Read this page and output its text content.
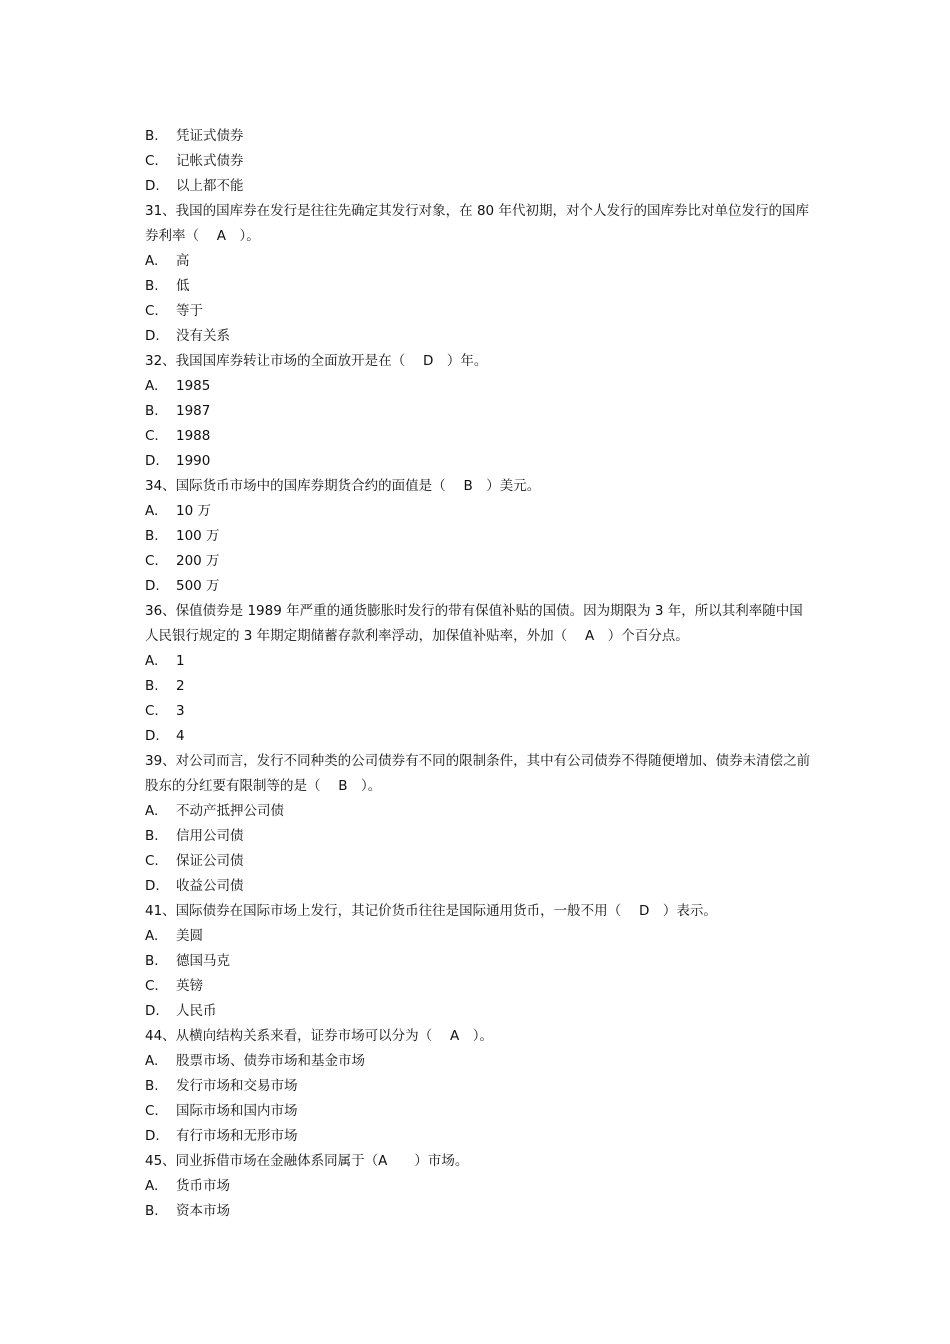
B.	凭证式债券
C.	记帐式债券
D.	以上都不能
31、我国的国库券在发行是往往先确定其发行对象，在 80 年代初期，对个人发行的国库券比对单位发行的国库券利率（　 A　）。
A.	高
B.	低
C.	等于
D.	没有关系
32、我国国库券转让市场的全面放开是在（　 D　）年。
A.	1985
B.	1987
C.	1988
D.	1990
34、国际货币市场中的国库券期货合约的面值是（　 B　）美元。
A.	10 万
B.	100 万
C.	200 万
D.	500 万
36、保值债券是 1989 年严重的通货膨胀时发行的带有保值补贴的国债。因为期限为 3 年，所以其利率随中国人民银行规定的 3 年期定期储蓄存款利率浮动，加保值补贴率，外加（　 A　）个百分点。
A.	1
B.	2
C.	3
D.	4
39、对公司而言，发行不同种类的公司债券有不同的限制条件，其中有公司债券不得随便增加、债券未清偿之前股东的分红要有限制等的是（　 B　）。
A.	不动产抵押公司债
B.	信用公司债
C.	保证公司债
D.	收益公司债
41、国际债券在国际市场上发行，其记价货币往往是国际通用货币，一般不用（　 D　）表示。
A.	美圆
B.	德国马克
C.	英镑
D.	人民币
44、从横向结构关系来看，证券市场可以分为（　 A　）。
A.	股票市场、债券市场和基金市场
B.	发行市场和交易市场
C.	国际市场和国内市场
D.	有行市场和无形市场
45、同业拆借市场在金融体系同属于（A　　）市场。
A.	货币市场
B.	资本市场
